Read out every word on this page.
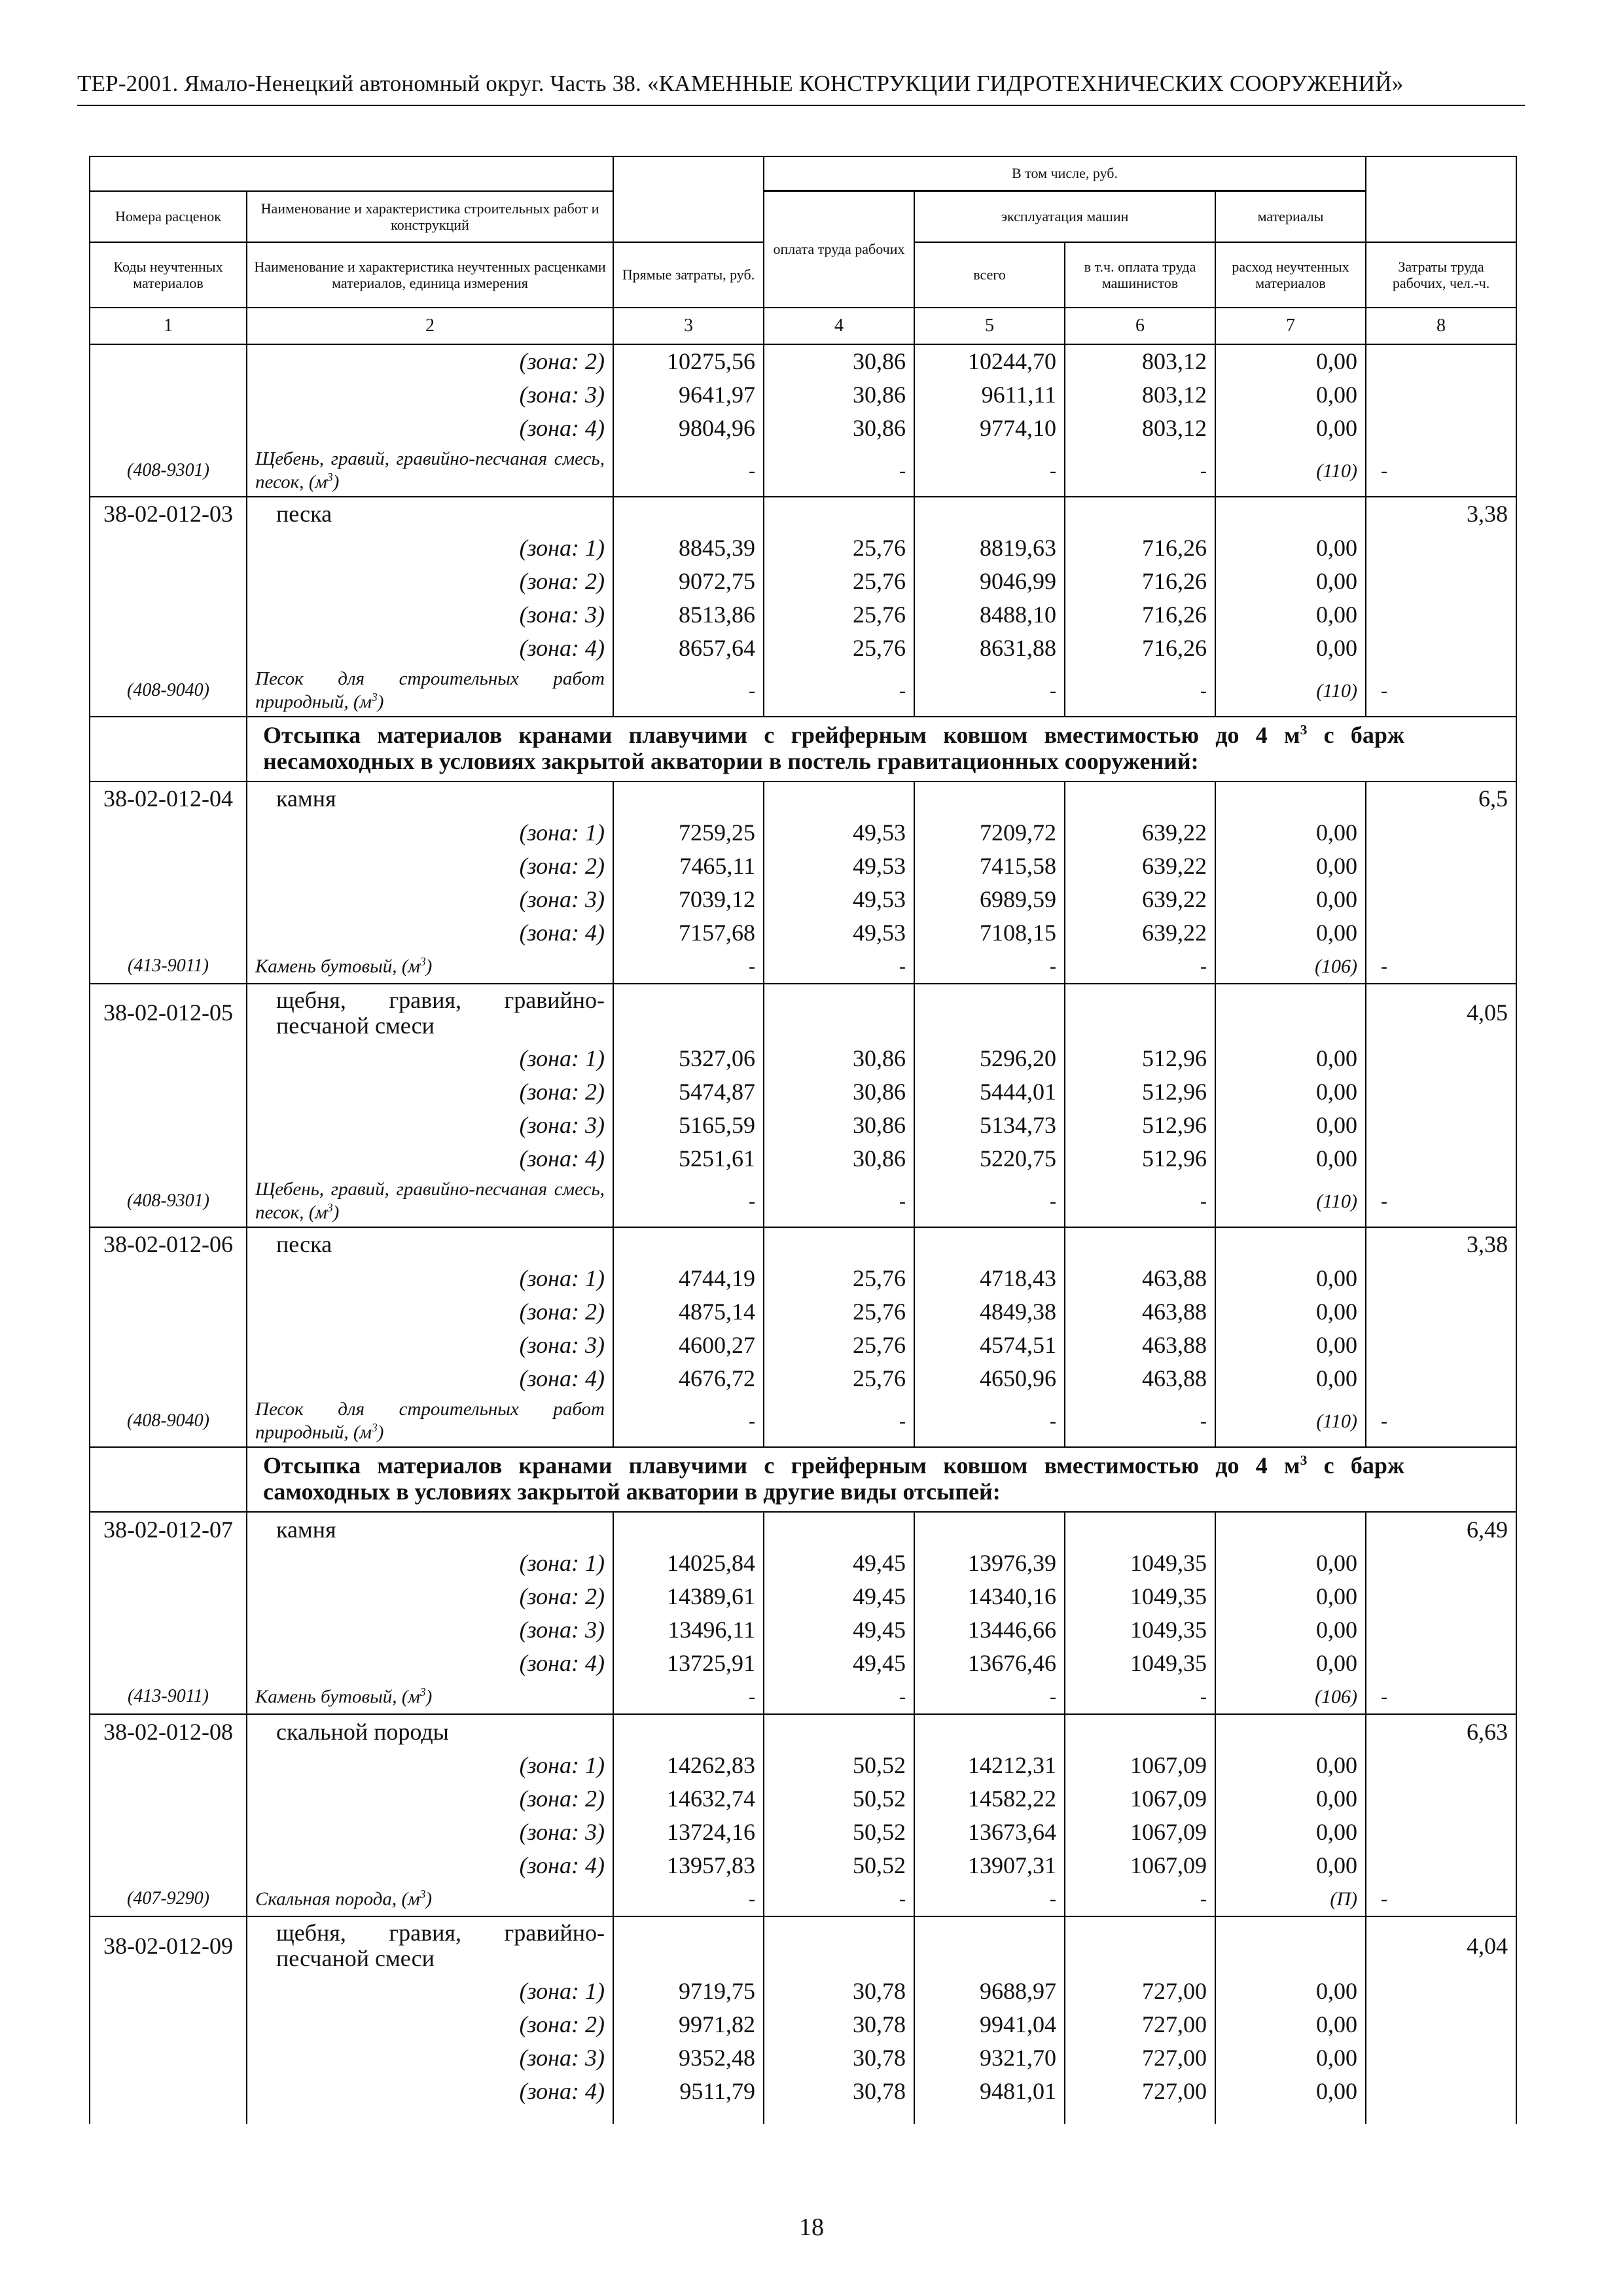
ТЕР-2001. Ямало-Ненецкий автономный округ. Часть 38. «КАМЕННЫЕ КОНСТРУКЦИИ ГИДРОТЕХНИЧЕСКИХ СООРУЖЕНИЙ»
			В том числе, руб.				

Номера расценок	Наименование и характеристика строительных работ и конструкций		оплата труда рабочих	эксплуатация машин		материалы	
Коды неучтенных материалов	Наименование и характеристика неучтенных расценками материалов, единица измерения	Прямые затраты, руб.		всего	в т.ч. оплата труда машинистов	расход неучтенных материалов	Затраты труда рабочих, чел.-ч.
1	2	3	4	5	6	7	8
	(зона: 2)	10275,56	30,86	10244,70	803,12	0,00	
	(зона: 3)	9641,97	30,86	9611,11	803,12	0,00	
	(зона: 4)	9804,96	30,86	9774,10	803,12	0,00	
(408-9301)	Щебень, гравий, гравийно-песчаная смесь, песок, $(м^3)$	-	-	-	-	(110)	-
38-02-012-03	песка						3,38
	(зона: 1)	8845,39	25,76	8819,63	716,26	0,00	
	(зона: 2)	9072,75	25,76	9046,99	716,26	0,00	
	(зона: 3)	8513,86	25,76	8488,10	716,26	0,00	
	(зона: 4)	8657,64	25,76	8631,88	716,26	0,00	
(408-9040)	Песок для строительных работ природный, $(м^3)$	-	-	-	-	(110)	-
	Отсыпка материалов кранами плавучими с грейферным ковшом вместимостью до 4 $м^3$ с барж несамоходных в условиях закрытой акватории в постель гравитационных сооружений:						
38-02-012-04	камня						6,5
	(зона: 1)	7259,25	49,53	7209,72	639,22	0,00	
	(зона: 2)	7465,11	49,53	7415,58	639,22	0,00	
	(зона: 3)	7039,12	49,53	6989,59	639,22	0,00	
	(зона: 4)	7157,68	49,53	7108,15	639,22	0,00	
(413-9011)	Камень бутовый, $(м^3)$	-	-	-	-	(106)	-
38-02-012-05	щебня, гравия, гравийно-песчаной смеси						4,05
	(зона: 1)	5327,06	30,86	5296,20	512,96	0,00	
	(зона: 2)	5474,87	30,86	5444,01	512,96	0,00	
	(зона: 3)	5165,59	30,86	5134,73	512,96	0,00	
	(зона: 4)	5251,61	30,86	5220,75	512,96	0,00	
(408-9301)	Щебень, гравий, гравийно-песчаная смесь, песок, $(м^3)$	-	-	-	-	(110)	-
38-02-012-06	песка						3,38
	(зона: 1)	4744,19	25,76	4718,43	463,88	0,00	
	(зона: 2)	4875,14	25,76	4849,38	463,88	0,00	
	(зона: 3)	4600,27	25,76	4574,51	463,88	0,00	
	(зона: 4)	4676,72	25,76	4650,96	463,88	0,00	
(408-9040)	Песок для строительных работ природный, $(м^3)$	-	-	-	-	(110)	-
	Отсыпка материалов кранами плавучими с грейферным ковшом вместимостью до 4 $м^3$ с барж самоходных в условиях закрытой акватории в другие виды отсыпей:						
38-02-012-07	камня						6,49
	(зона: 1)	14025,84	49,45	13976,39	1049,35	0,00	
	(зона: 2)	14389,61	49,45	14340,16	1049,35	0,00	
	(зона: 3)	13496,11	49,45	13446,66	1049,35	0,00	
	(зона: 4)	13725,91	49,45	13676,46	1049,35	0,00	
(413-9011)	Камень бутовый, $(м^3)$	-	-	-	-	(106)	-
38-02-012-08	скальной породы						6,63
	(зона: 1)	14262,83	50,52	14212,31	1067,09	0,00	
	(зона: 2)	14632,74	50,52	14582,22	1067,09	0,00	
	(зона: 3)	13724,16	50,52	13673,64	1067,09	0,00	
	(зона: 4)	13957,83	50,52	13907,31	1067,09	0,00	
(407-9290)	Скальная порода, $(м^3)$	-	-	-	-	(П)	-
38-02-012-09	щебня, гравия, гравийно-песчаной смеси						4,04
	(зона: 1)	9719,75	30,78	9688,97	727,00	0,00	
	(зона: 2)	9971,82	30,78	9941,04	727,00	0,00	
	(зона: 3)	9352,48	30,78	9321,70	727,00	0,00	
	(зона: 4)	9511,79	30,78	9481,01	727,00	0,00	

18
